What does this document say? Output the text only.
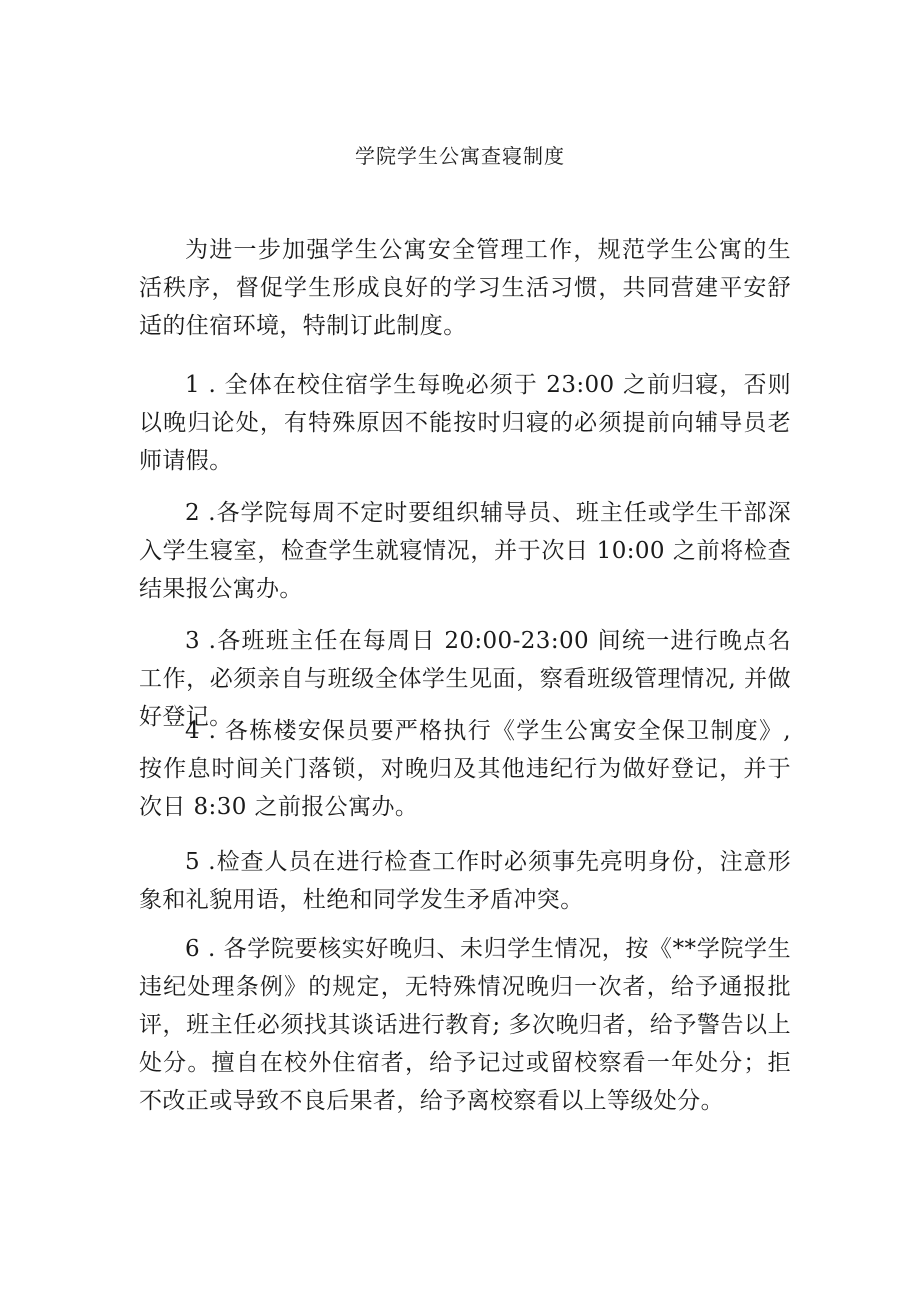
学院学生公寓查寝制度

为进一步加强学生公寓安全管理工作，规范学生公寓的生活秩序，督促学生形成良好的学习生活习惯，共同营建平安舒适的住宿环境，特制订此制度。

1 . 全体在校住宿学生每晚必须于 23:00 之前归寝，否则以晚归论处，有特殊原因不能按时归寝的必须提前向辅导员老师请假。

2 .各学院每周不定时要组织辅导员、班主任或学生干部深入学生寝室，检查学生就寝情况，并于次日 10:00 之前将检查结果报公寓办。

3 .各班班主任在每周日 20:00-23:00 间统一进行晚点名工作，必须亲自与班级全体学生见面，察看班级管理情况, 并做好登记。

4 . 各栋楼安保员要严格执行《学生公寓安全保卫制度》, 按作息时间关门落锁，对晚归及其他违纪行为做好登记，并于次日 8:30 之前报公寓办。

5 .检查人员在进行检查工作时必须事先亮明身份，注意形象和礼貌用语，杜绝和同学发生矛盾冲突。

6 . 各学院要核实好晚归、未归学生情况，按《**学院学生违纪处理条例》的规定，无特殊情况晚归一次者，给予通报批评，班主任必须找其谈话进行教育; 多次晚归者，给予警告以上处分。擅自在校外住宿者，给予记过或留校察看一年处分；拒不改正或导致不良后果者，给予离校察看以上等级处分。
